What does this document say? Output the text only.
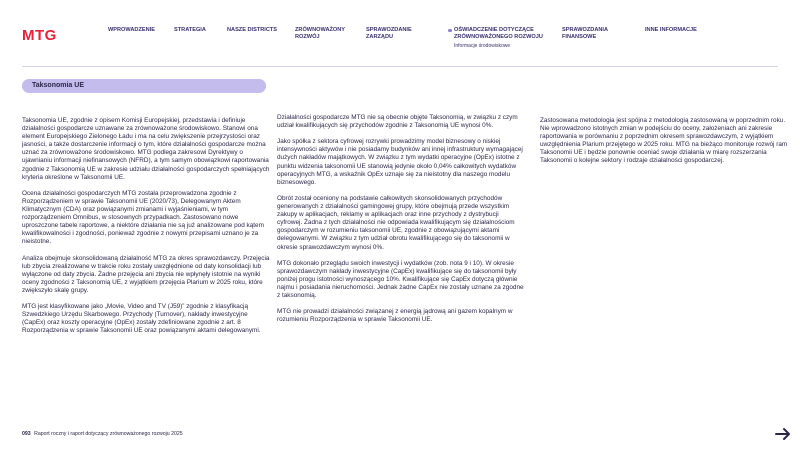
MTG	WPROWADZENIE	STRATEGIA	NASZE DISTRICTS	ZRÓWNOWAŻONY ROZWÓJ
SPRAWOZDANIE ZARZĄDU
OŚWIADCZENIE DOTYCZĄCE ZRÓWNOWAŻONEGO ROZWOJU
Informacje środowiskowe
SPRAWOZDANIA FINANSOWE
INNE INFORMACJE
Taksonomia UE

Taksonomia UE, zgodnie z opisem Komisji Europejskiej, przedstawia i definiuje działalności gospodarcze uznawane za zrównoważone środowiskowo. Stanowi ona element Europejskiego Zielonego Ładu i ma na celu zwiększenie przejrzystości oraz jasności, a także dostarczenie informacji o tym, które działalności gospodarcze można uznać za zrównoważone środowiskowo. MTG podlega zakresowi Dyrektywy o ujawnianiu informacji niefinansowych (NFRD), a tym samym obowiązkowi raportowania zgodnie z Taksonomią UE w zakresie udziału działalności gospodarczych spełniających kryteria określone w Taksonomii UE.

Ocena działalności gospodarczych MTG została przeprowadzona zgodnie z Rozporządzeniem w sprawie Taksonomii UE (2020/73), Delegowanym Aktem Klimatycznym (CDA) oraz powiązanymi zmianami i wyjaśnieniami, w tym rozporządzeniem Omnibus, w stosownych przypadkach. Zastosowano nowe uproszczone tabele raportowe, a niektóre działania nie są już analizowane pod kątem kwalifikowalności i zgodności, ponieważ zgodnie z nowymi przepisami uznano je za nieistotne.

Analiza obejmuje skonsolidowaną działalność MTG za okres sprawozdawczy. Przejęcia lub zbycia zrealizowane w trakcie roku zostały uwzględnione od daty konsolidacji lub wyłączone od daty zbycia. Żadne przejęcia ani zbycia nie wpłynęły istotnie na wyniki oceny zgodności z Taksonomią UE, z wyjątkiem przejęcia Plarium w 2025 roku, które zwiększyło skalę grupy.

MTG jest klasyfikowane jako „Movie, Video and TV (J59)” zgodnie z klasyfikacją Szwedzkiego Urzędu Skarbowego. Przychody (Turnover), nakłady inwestycyjne (CapEx) oraz koszty operacyjne (OpEx) zostały zdefiniowane zgodnie z art. 8 Rozporządzenia w sprawie Taksonomii UE oraz powiązanymi aktami delegowanymi.

Działalności gospodarcze MTG nie są obecnie objęte Taksonomią, w związku z czym udział kwalifikujących się przychodów zgodnie z Taksonomią UE wynosi 0%.

Jako spółka z sektora cyfrowej rozrywki prowadzimy model biznesowy o niskiej intensywności aktywów i nie posiadamy budynków ani innej infrastruktury wymagającej dużych nakładów majątkowych. W związku z tym wydatki operacyjne (OpEx) istotne z punktu widzenia taksonomii UE stanowią jedynie około 0,04% całkowitych wydatków operacyjnych MTG, a wskaźnik OpEx uznaje się za nieistotny dla naszego modelu biznesowego.

Obrót został oceniony na podstawie całkowitych skonsolidowanych przychodów generowanych z działalności gamingowej grupy, które obejmują przede wszystkim zakupy w aplikacjach, reklamy w aplikacjach oraz inne przychody z dystrybucji cyfrowej. Żadna z tych działalności nie odpowiada kwalifikującym się działalnościom gospodarczym w rozumieniu taksonomii UE, zgodnie z obowiązującymi aktami delegowanymi. W związku z tym udział obrotu kwalifikującego się do taksonomii w okresie sprawozdawczym wynosi 0%.

MTG dokonało przeglądu swoich inwestycji i wydatków (zob. nota 9 i 10). W okresie sprawozdawczym nakłady inwestycyjne (CapEx) kwalifikujące się do taksonomii były poniżej progu istotności wynoszącego 10%. Kwalifikujące się CapEx dotyczą głównie najmu i posiadania nieruchomości. Jednak żadne CapEx nie zostały uznane za zgodne z taksonomią.

MTG nie prowadzi działalności związanej z energią jądrową ani gazem kopalnym w rozumieniu Rozporządzenia w sprawie Taksonomii UE.

Zastosowana metodologia jest spójna z metodologią zastosowaną w poprzednim roku. Nie wprowadzono istotnych zmian w podejściu do oceny, założeniach ani zakresie raportowania w porównaniu z poprzednim okresem sprawozdawczym, z wyjątkiem uwzględnienia Plarium przejętego w 2025 roku. MTG na bieżąco monitoruje rozwój ram Taksonomii UE i będzie ponownie oceniać swoje działania w miarę rozszerzania Taksonomii o kolejne sektory i rodzaje działalności gospodarczej.

093 Raport roczny i raport dotyczący zrównoważonego rozwoju 2025
